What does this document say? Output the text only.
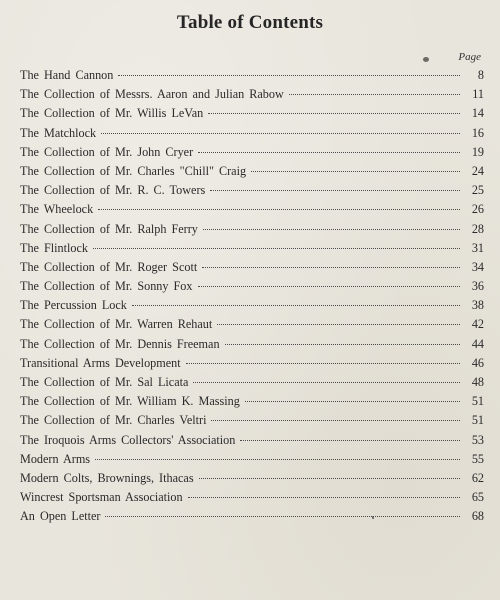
Table of Contents
Page
The Hand Cannon	8
The Collection of Messrs. Aaron and Julian Rabow	11
The Collection of Mr. Willis LeVan	14
The Matchlock	16
The Collection of Mr. John Cryer	19
The Collection of Mr. Charles "Chill" Craig	24
The Collection of Mr. R. C. Towers	25
The Wheelock	26
The Collection of Mr. Ralph Ferry	28
The Flintlock	31
The Collection of Mr. Roger Scott	34
The Collection of Mr. Sonny Fox	36
The Percussion Lock	38
The Collection of Mr. Warren Rehaut	42
The Collection of Mr. Dennis Freeman	44
Transitional Arms Development	46
The Collection of Mr. Sal Licata	48
The Collection of Mr. William K. Massing	51
The Collection of Mr. Charles Veltri	51
The Iroquois Arms Collectors' Association	53
Modern Arms	55
Modern Colts, Brownings, Ithacas	62
Wincrest Sportsman Association	65
An Open Letter	68
